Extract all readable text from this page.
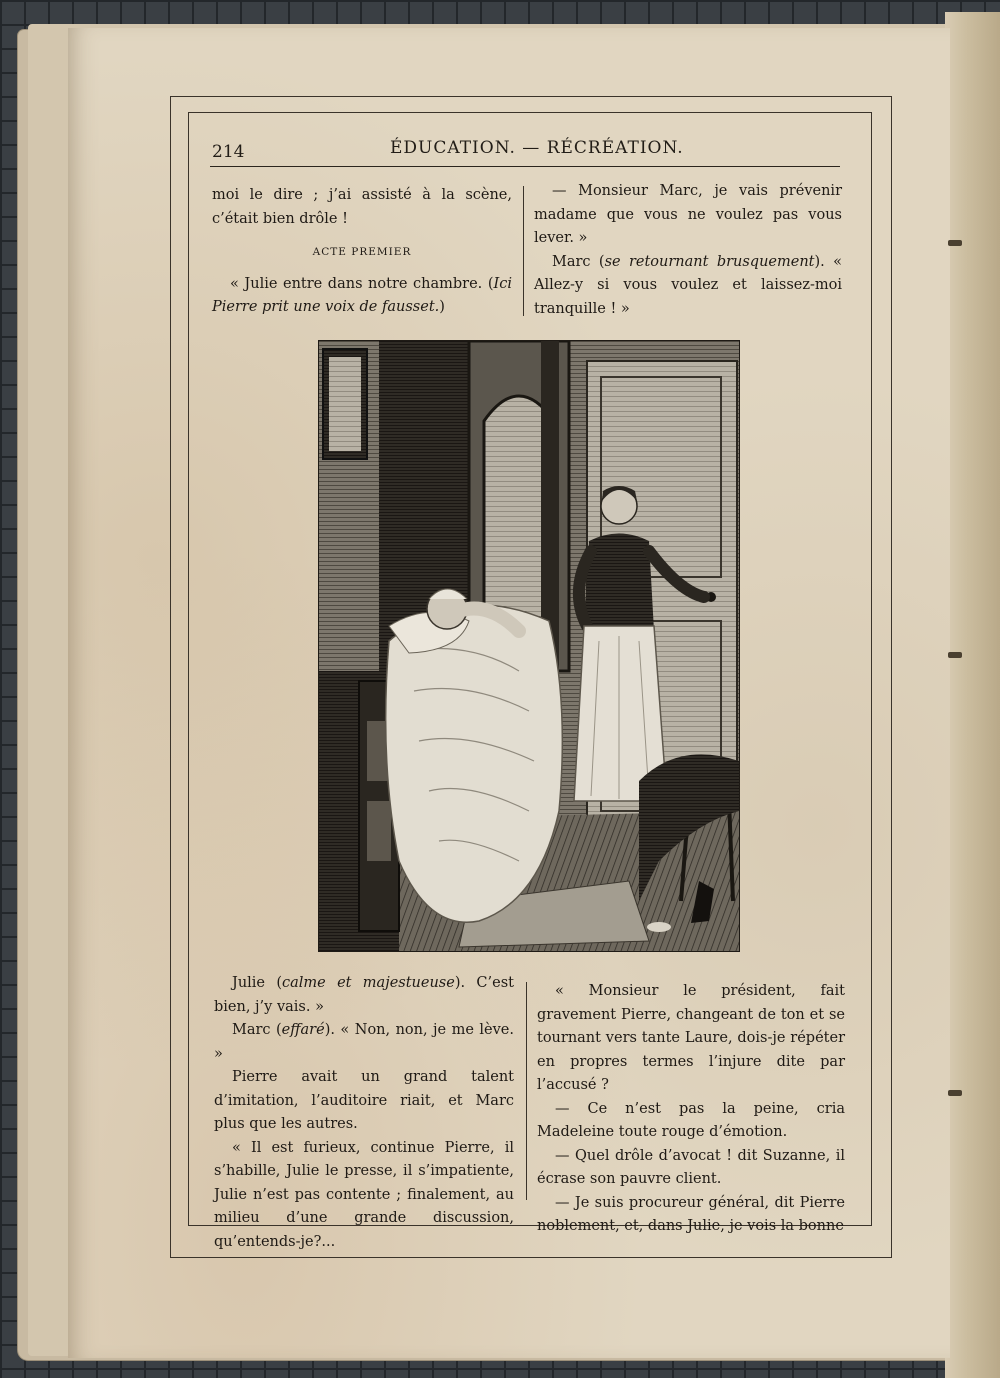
214	ÉDUCATION. — RÉCRÉATION.

moi le dire ; j’ai assisté à la scène, c’était bien drôle !

ACTE PREMIER

« Julie entre dans notre chambre. (Ici Pierre prit une voix de fausset.)

— Monsieur Marc, je vais prévenir madame que vous ne voulez pas vous lever. »

Marc (se retournant brusquement). « Allez-y si vous voulez et laissez-moi tranquille ! »

Julie (calme et majestueuse). C’est bien, j’y vais. »

Marc (effaré). « Non, non, je me lève. »

Pierre avait un grand talent d’imitation, l’auditoire riait, et Marc plus que les autres.

« Il est furieux, continue Pierre, il s’habille, Julie le presse, il s’impatiente, Julie n’est pas contente ; finalement, au milieu d’une grande discussion, qu’entends-je?...

« Monsieur le président, fait gravement Pierre, changeant de ton et se tournant vers tante Laure, dois-je répéter en propres termes l’injure dite par l’accusé ?

— Ce n’est pas la peine, cria Madeleine toute rouge d’émotion.

— Quel drôle d’avocat ! dit Suzanne, il écrase son pauvre client.

— Je suis procureur général, dit Pierre noblement, et, dans Julie, je vois la bonne
